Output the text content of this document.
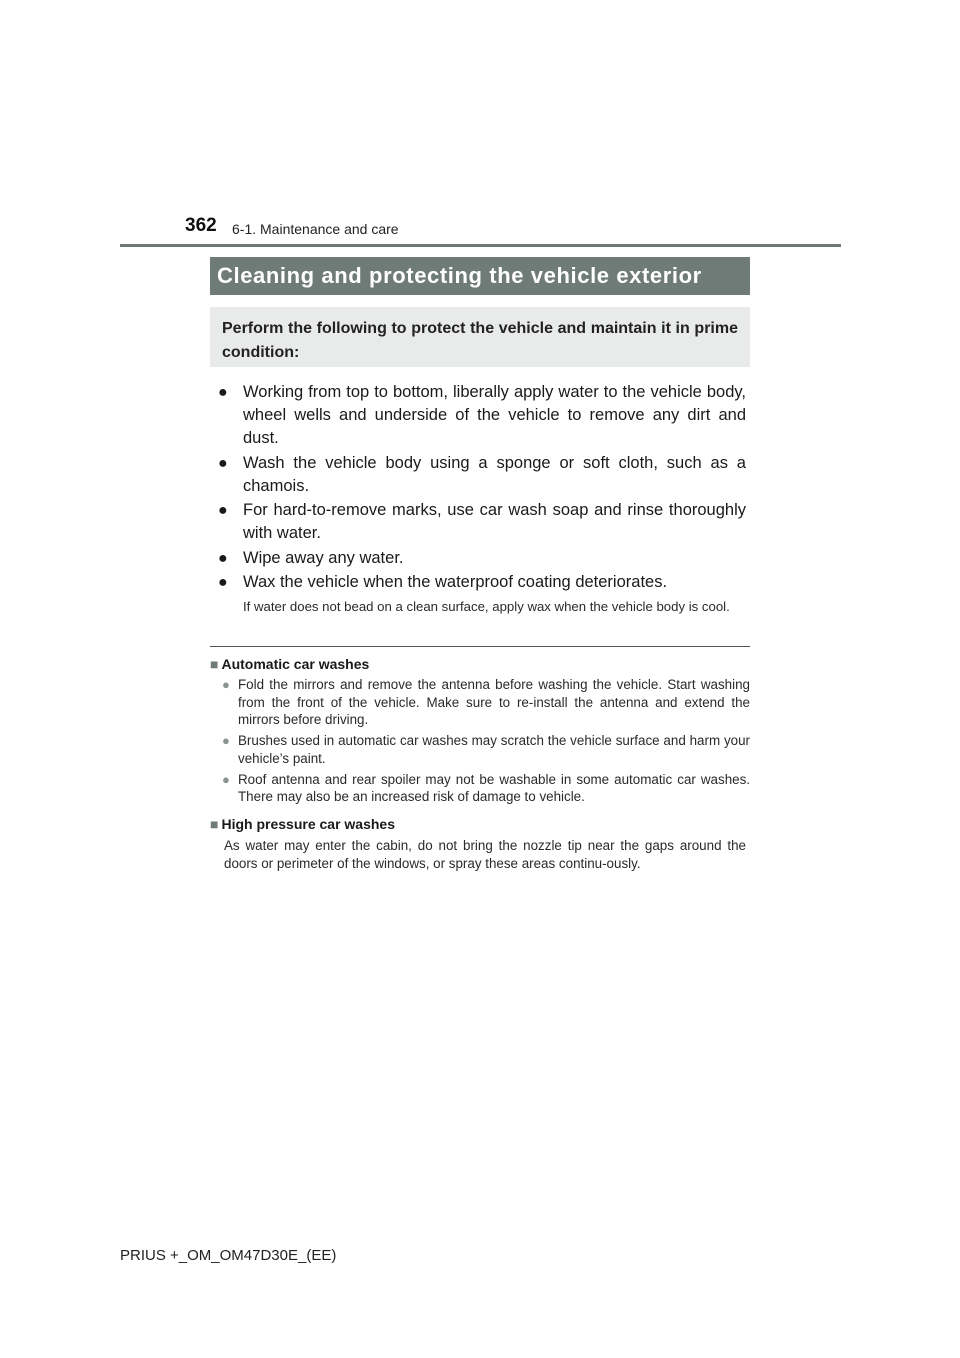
362 6-1. Maintenance and care
Cleaning and protecting the vehicle exterior
Perform the following to protect the vehicle and maintain it in prime condition:
● Working from top to bottom, liberally apply water to the vehicle body, wheel wells and underside of the vehicle to remove any dirt and dust.
● Wash the vehicle body using a sponge or soft cloth, such as a chamois.
● For hard-to-remove marks, use car wash soap and rinse thoroughly with water.
● Wipe away any water.
● Wax the vehicle when the waterproof coating deteriorates.
If water does not bead on a clean surface, apply wax when the vehicle body is cool.
■ Automatic car washes
● Fold the mirrors and remove the antenna before washing the vehicle. Start washing from the front of the vehicle. Make sure to re-install the antenna and extend the mirrors before driving.
● Brushes used in automatic car washes may scratch the vehicle surface and harm your vehicle’s paint.
● Roof antenna and rear spoiler may not be washable in some automatic car washes. There may also be an increased risk of damage to vehicle.
■ High pressure car washes
As water may enter the cabin, do not bring the nozzle tip near the gaps around the doors or perimeter of the windows, or spray these areas continu-ously.
PRIUS +_OM_OM47D30E_(EE)
